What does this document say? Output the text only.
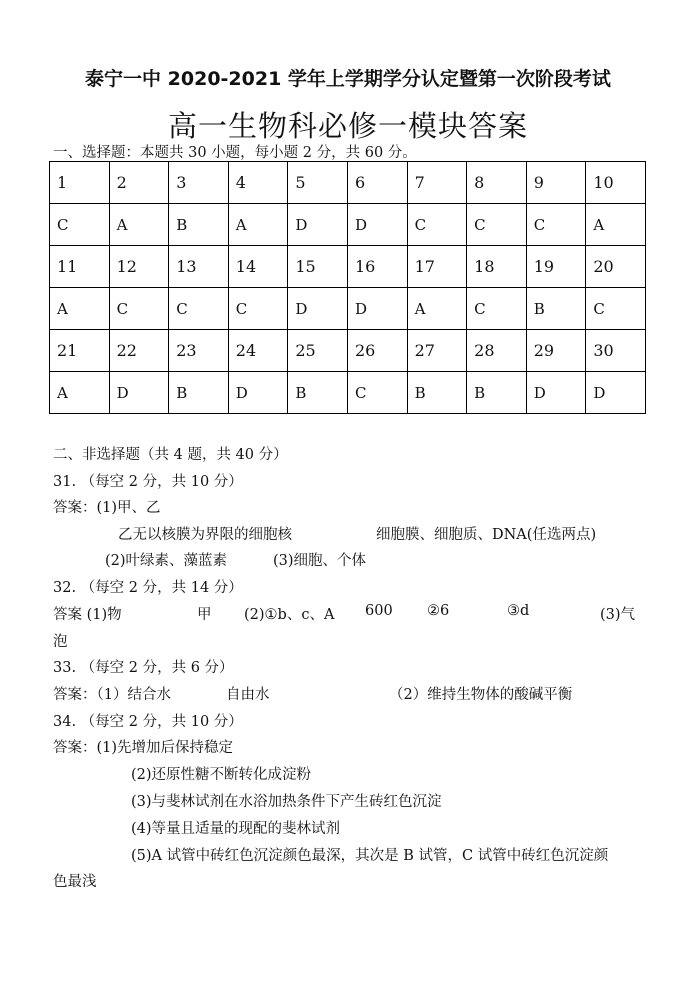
泰宁一中 2020-2021 学年上学期学分认定暨第一次阶段考试
高一生物科必修一模块答案
一、选择题：本题共 30 小题，每小题 2 分，共 60 分。
1	2	3	4	5	6	7	8	9	10
C	A	B	A	D	D	C	C	C	A
11	12	13	14	15	16	17	18	19	20
A	C	C	C	D	D	A	C	B	C
21	22	23	24	25	26	27	28	29	30
A	D	B	D	B	C	B	B	D	D
二、非选择题（共 4 题，共 40 分）
31. （每空 2 分，共 10 分）
答案：(1)甲、乙
乙无以核膜为界限的细胞核	细胞膜、细胞质、DNA(任选两点)
(2)叶绿素、藻蓝素	(3)细胞、个体
32. （每空 2 分，共 14 分）
答案 (1)物	甲 (2)①b、c、A 600 ②6	③d	(3)气
泡
33. （每空 2 分，共 6 分）
答案：（1）结合水	自由水	（2）维持生物体的酸碱平衡
34. （每空 2 分，共 10 分）
答案：(1)先增加后保持稳定
(2)还原性糖不断转化成淀粉
(3)与斐林试剂在水浴加热条件下产生砖红色沉淀
(4)等量且适量的现配的斐林试剂
(5)A 试管中砖红色沉淀颜色最深，其次是 B 试管，C 试管中砖红色沉淀颜
色最浅
